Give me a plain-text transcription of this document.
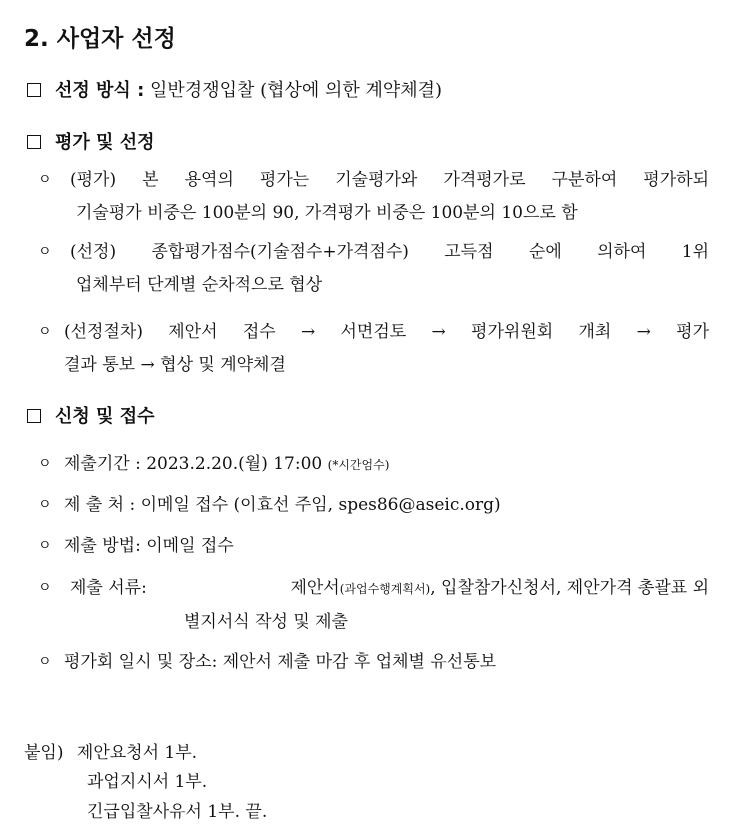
2. 사업자 선정
선정 방식 : 일반경쟁입찰 (협상에 의한 계약체결)
평가 및 선정
ㅇ (평가) 본 용역의 평가는 기술평가와 가격평가로 구분하여 평가하되
기술평가 비중은 100분의 90, 가격평가 비중은 100분의 10으로 함
ㅇ (선정) 종합평가점수(기술점수+가격점수) 고득점 순에 의하여 1위
업체부터 단계별 순차적으로 협상
ㅇ (선정절차) 제안서 접수 → 서면검토 → 평가위원회 개최 → 평가
결과 통보 → 협상 및 계약체결
신청 및 접수
ㅇ 제출기간 : 2023.2.20.(월) 17:00 (*시간엄수)
ㅇ 제 출 처 : 이메일 접수 (이효선 주임, spes86@aseic.org)
ㅇ 제출 방법: 이메일 접수
ㅇ 제출 서류:	제안서(과업수행계획서), 입찰참가신청서, 제안가격 총괄표 외
별지서식 작성 및 제출
ㅇ 평가회 일시 및 장소: 제안서 제출 마감 후 업체별 유선통보
붙임) 제안요청서 1부.
과업지시서 1부.
긴급입찰사유서 1부. 끝.
